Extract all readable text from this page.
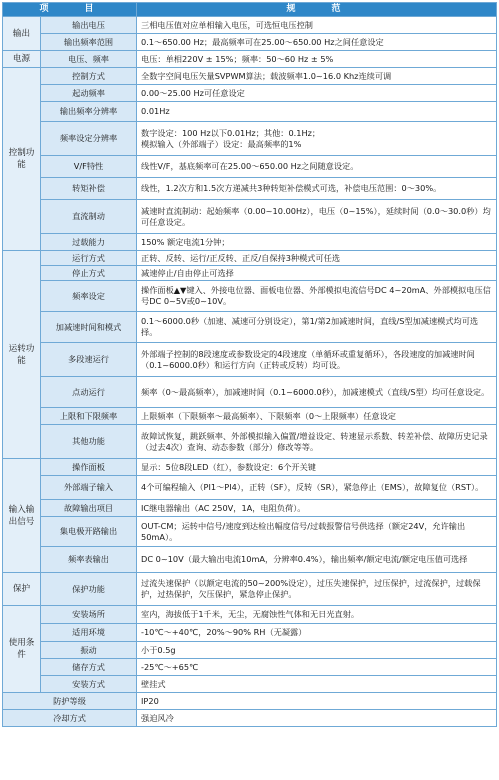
项　　目		规　　范
输出	输出电压	三相电压值对应单相输入电压，可选恒电压控制
	输出频率范围	0.1～650.00 Hz；最高频率可在25.00～650.00 Hz之间任意设定
电源	电压、频率	电压：单相220V ± 15%；频率：50～60 Hz ± 5%
控制功能	控制方式	全数字空间电压矢量SVPWM算法；载波频率1.0~16.0 Khz连续可调
	起动频率	0.00～25.00 Hz可任意设定
	输出频率分辨率	0.01Hz
	频率设定分辨率	数字设定：100 Hz以下0.01Hz；其他：0.1Hz；
模拟输入（外部端子）设定：最高频率的1%
	V/F特性	线性V/F，基底频率可在25.00～650.00 Hz之间随意设定。
	转矩补偿	线性，1.2次方和1.5次方递减共3种转矩补偿模式可选，补偿电压范围：0～30%。
	直流制动	减速时直流制动：起始频率（0.00~10.00Hz），电压（0~15%），延续时间（0.0～30.0秒）均可任意设定。
	过载能力	150% 额定电流1分钟；
运转功能	运行方式	正转、反转、运行/正反转、正反/自保持3种模式可任选
	停止方式	减速停止/自由停止可选择
	频率设定	操作面板▲▼键入、外接电位器、面板电位器、外部模拟电流信号DC 4~20mA、外部模拟电压信号DC 0~5V或0~10V。
	加减速时间和模式	0.1～6000.0秒（加速、减速可分别设定），第1/第2加减速时间，直线/S型加减速模式均可选择。
	多段速运行	外部端子控制的8段速度或参数设定的4段速度（单循环或重复循环），各段速度的加减速时间（0.1~6000.0秒）和运行方向（正转或反转）均可设。
	点动运行	频率（0～最高频率），加减速时间（0.1~6000.0秒），加减速模式（直线/S型）均可任意设定。
	上限和下限频率	上限频率（下限频率～最高频率）、下限频率（0～上限频率）任意设定
	其他功能	故障试恢复，跳跃频率、外部模拟输入偏置/增益设定、转速显示系数、转差补偿、故障历史记录（过去4次）查询、动态参数（部分）修改等等。
输入输出信号	操作面板	显示：5位8段LED（红），参数设定：6个开关键
	外部端子输入	4个可编程输入（PI1～PI4），正转（SF），反转（SR），紧急停止（EMS），故障复位（RST）。
	故障输出项目	IC继电器输出（AC 250V，1A，电阻负荷）。
	集电极开路输出	OUT-CM；运转中信号/速度到达检出幅度信号/过载报警信号供选择（额定24V，允许输出50mA）。
	频率表输出	DC 0~10V（最大输出电流10mA，分辨率0.4%），输出频率/额定电流/额定电压值可选择
保护	保护功能	过流失速保护（以额定电流的50~200%设定），过压失速保护，过压保护，过流保护，过载保护，过热保护，欠压保护，紧急停止保护。
使用条件	安装场所	室内，海拔低于1千米，无尘，无腐蚀性气体和无日光直射。
	适用环境	-10℃～+40℃，20%～90% RH（无凝露）
	振动	小于0.5g
	储存方式	-25℃～+65℃
	安装方式	壁挂式
防护等级		IP20
冷却方式		强迫风冷
